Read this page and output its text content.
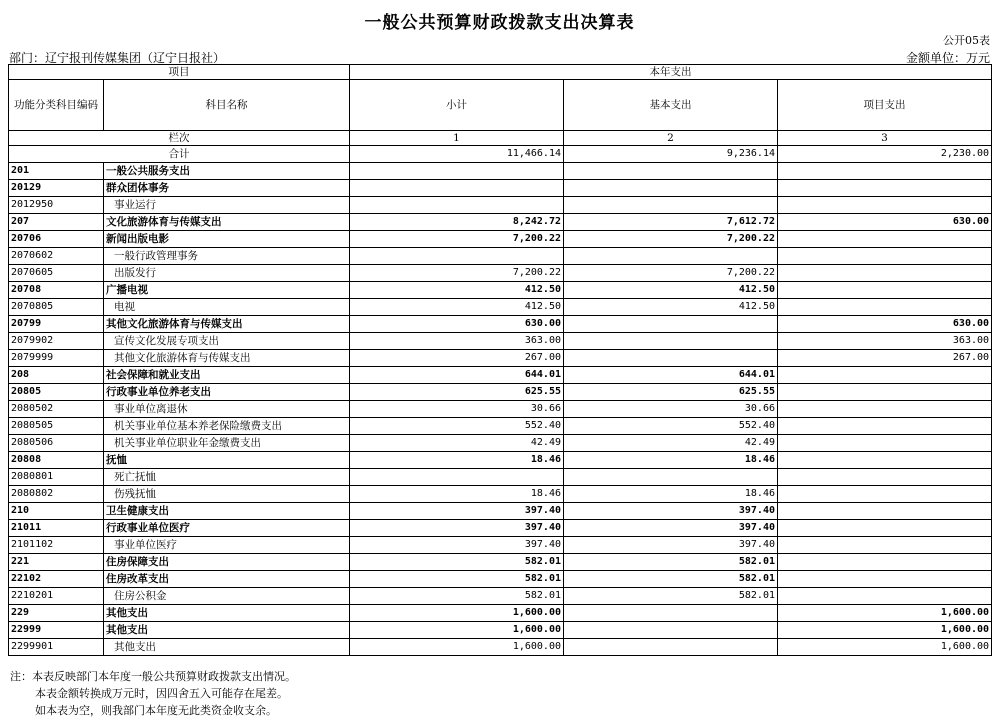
一般公共预算财政拨款支出决算表
公开05表
部门：辽宁报刊传媒集团（辽宁日报社）	金额单位：万元
项目		本年支出		
功能分类科目编码	科目名称	小计	基本支出	项目支出
栏次		1	2	3
合计		11,466.14	9,236.14	2,230.00
201	一般公共服务支出			
20129	群众团体事务			
2012950	事业运行			
207	文化旅游体育与传媒支出	8,242.72	7,612.72	630.00
20706	新闻出版电影	7,200.22	7,200.22	
2070602	一般行政管理事务			
2070605	出版发行	7,200.22	7,200.22	
20708	广播电视	412.50	412.50	
2070805	电视	412.50	412.50	
20799	其他文化旅游体育与传媒支出	630.00		630.00
2079902	宣传文化发展专项支出	363.00		363.00
2079999	其他文化旅游体育与传媒支出	267.00		267.00
208	社会保障和就业支出	644.01	644.01	
20805	行政事业单位养老支出	625.55	625.55	
2080502	事业单位离退休	30.66	30.66	
2080505	机关事业单位基本养老保险缴费支出	552.40	552.40	
2080506	机关事业单位职业年金缴费支出	42.49	42.49	
20808	抚恤	18.46	18.46	
2080801	死亡抚恤			
2080802	伤残抚恤	18.46	18.46	
210	卫生健康支出	397.40	397.40	
21011	行政事业单位医疗	397.40	397.40	
2101102	事业单位医疗	397.40	397.40	
221	住房保障支出	582.01	582.01	
22102	住房改革支出	582.01	582.01	
2210201	住房公积金	582.01	582.01	
229	其他支出	1,600.00		1,600.00
22999	其他支出	1,600.00		1,600.00
2299901	其他支出	1,600.00		1,600.00
注：本表反映部门本年度一般公共预算财政拨款支出情况。
本表金额转换成万元时，因四舍五入可能存在尾差。
如本表为空，则我部门本年度无此类资金收支余。
